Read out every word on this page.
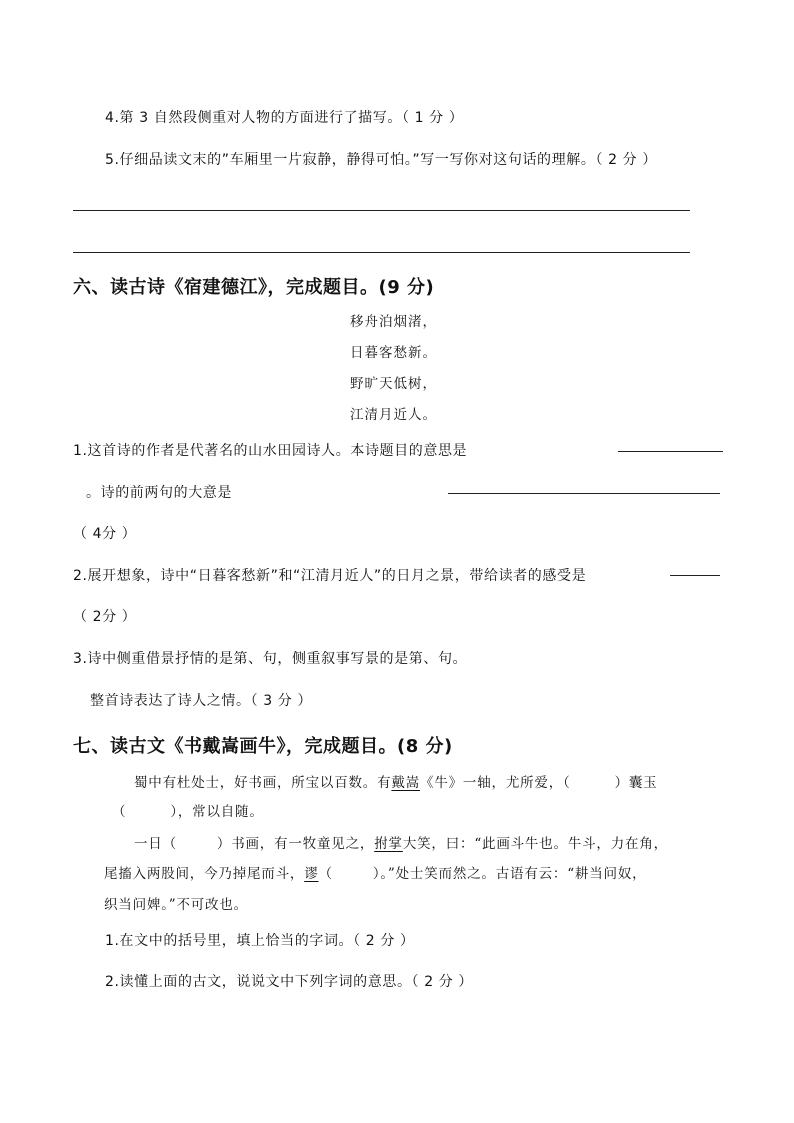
4.第 3 自然段侧重对人物的方面进行了描写。（ 1 分 ）
5.仔细品读文末的”车厢里一片寂静，静得可怕。”写一写你对这句话的理解。（ 2 分 ）
六、读古诗《宿建德江》，完成题目。(9 分)
移舟泊烟渚，
日暮客愁新。
野旷天低树，
江清月近人。
1.这首诗的作者是代著名的山水田园诗人。本诗题目的意思是
。诗的前两句的大意是
（ 4分 ）
2.展开想象，诗中“日暮客愁新”和“江清月近人”的日月之景，带给读者的感受是
（ 2分 ）
3.诗中侧重借景抒情的是第、句，侧重叙事写景的是第、句。
整首诗表达了诗人之情。（ 3 分 ）
七、读古文《书戴嵩画牛》，完成题目。(8 分)
蜀中有杜处士，好书画，所宝以百数。有戴嵩《牛》一轴，尤所爱，（	）囊玉
（	），常以自随。
一日（	）书画，有一牧童见之，拊掌大笑，曰：“此画斗牛也。牛斗，力在角，
尾搐入两股间，今乃掉尾而斗，谬（	）。”处士笑而然之。古语有云：“耕当问奴，
织当问婢。”不可改也。
1.在文中的括号里，填上恰当的字词。（ 2 分 ）
2.读懂上面的古文，说说文中下列字词的意思。（ 2 分 ）
